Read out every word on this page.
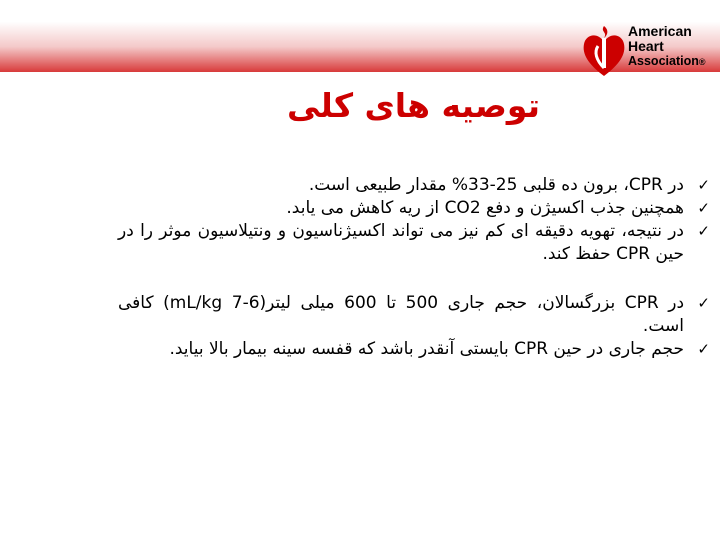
American
Heart
Association®
توصیه های کلی
✓
در CPR، برون ده قلبی 25-33% مقدار طبیعی است.
✓
همچنین جذب اکسیژن و دفع CO2 از ریه کاهش می یابد.
✓
در نتیجه، تهویه دقیقه ای کم نیز می تواند اکسیژناسیون و ونتیلاسیون موثر را در حین CPR حفظ کند.
✓
در CPR بزرگسالان، حجم جاری 500 تا 600 میلی لیتر(6-7 mL/kg) کافی است.
✓
حجم جاری در حین CPR بایستی آنقدر باشد که قفسه سینه بیمار بالا بیاید.
